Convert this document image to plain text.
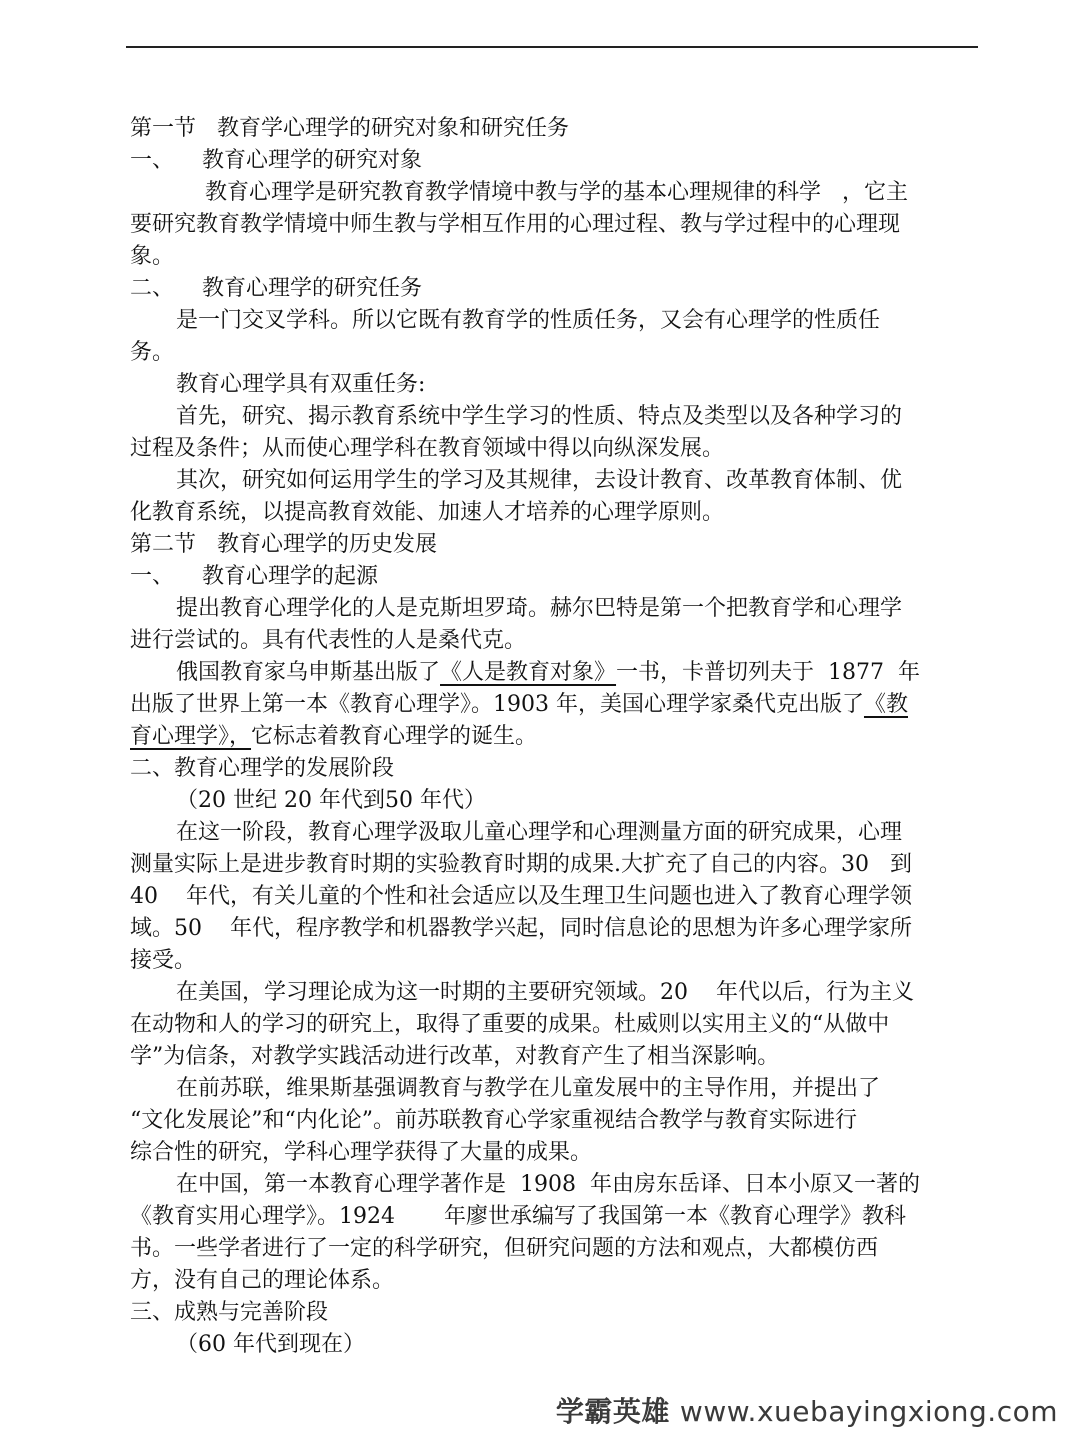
第一节   教育学心理学的研究对象和研究任务
一、    教育心理学的研究对象
教育心理学是研究教育教学情境中教与学的基本心理规律的科学   ，它主
要研究教育教学情境中师生教与学相互作用的心理过程、教与学过程中的心理现
象。
二、    教育心理学的研究任务
是一门交叉学科。所以它既有教育学的性质任务，又会有心理学的性质任
务。
教育心理学具有双重任务:
首先，研究、揭示教育系统中学生学习的性质、特点及类型以及各种学习的
过程及条件；从而使心理学科在教育领域中得以向纵深发展。
其次，研究如何运用学生的学习及其规律，去设计教育、改革教育体制、优
化教育系统，以提高教育效能、加速人才培养的心理学原则。
第二节   教育心理学的历史发展
一、    教育心理学的起源
提出教育心理学化的人是克斯坦罗琦。赫尔巴特是第一个把教育学和心理学
进行尝试的。具有代表性的人是桑代克。
俄国教育家乌申斯基出版了《人是教育对象》一书，卡普切列夫于  1877  年
出版了世界上第一本《教育心理学》。1903 年，美国心理学家桑代克出版了《教
育心理学》，它标志着教育心理学的诞生。
二、教育心理学的发展阶段
（20 世纪 20 年代到50 年代）
在这一阶段，教育心理学汲取儿童心理学和心理测量方面的研究成果，心理
测量实际上是进步教育时期的实验教育时期的成果.大扩充了自己的内容。30   到
40    年代，有关儿童的个性和社会适应以及生理卫生问题也进入了教育心理学领
域。50    年代，程序教学和机器教学兴起，同时信息论的思想为许多心理学家所
接受。
在美国，学习理论成为这一时期的主要研究领域。20    年代以后，行为主义
在动物和人的学习的研究上，取得了重要的成果。杜威则以实用主义的“从做中
学”为信条，对教学实践活动进行改革，对教育产生了相当深影响。
在前苏联，维果斯基强调教育与教学在儿童发展中的主导作用，并提出了
“文化发展论”和“内化论”。前苏联教育心学家重视结合教学与教育实际进行
综合性的研究，学科心理学获得了大量的成果。
在中国，第一本教育心理学著作是  1908  年由房东岳译、日本小原又一著的
《教育实用心理学》。1924       年廖世承编写了我国第一本《教育心理学》教科
书。一些学者进行了一定的科学研究，但研究问题的方法和观点，大都模仿西
方，没有自己的理论体系。
三、成熟与完善阶段
（60 年代到现在）
学霸英雄 www.xuebayingxiong.com
